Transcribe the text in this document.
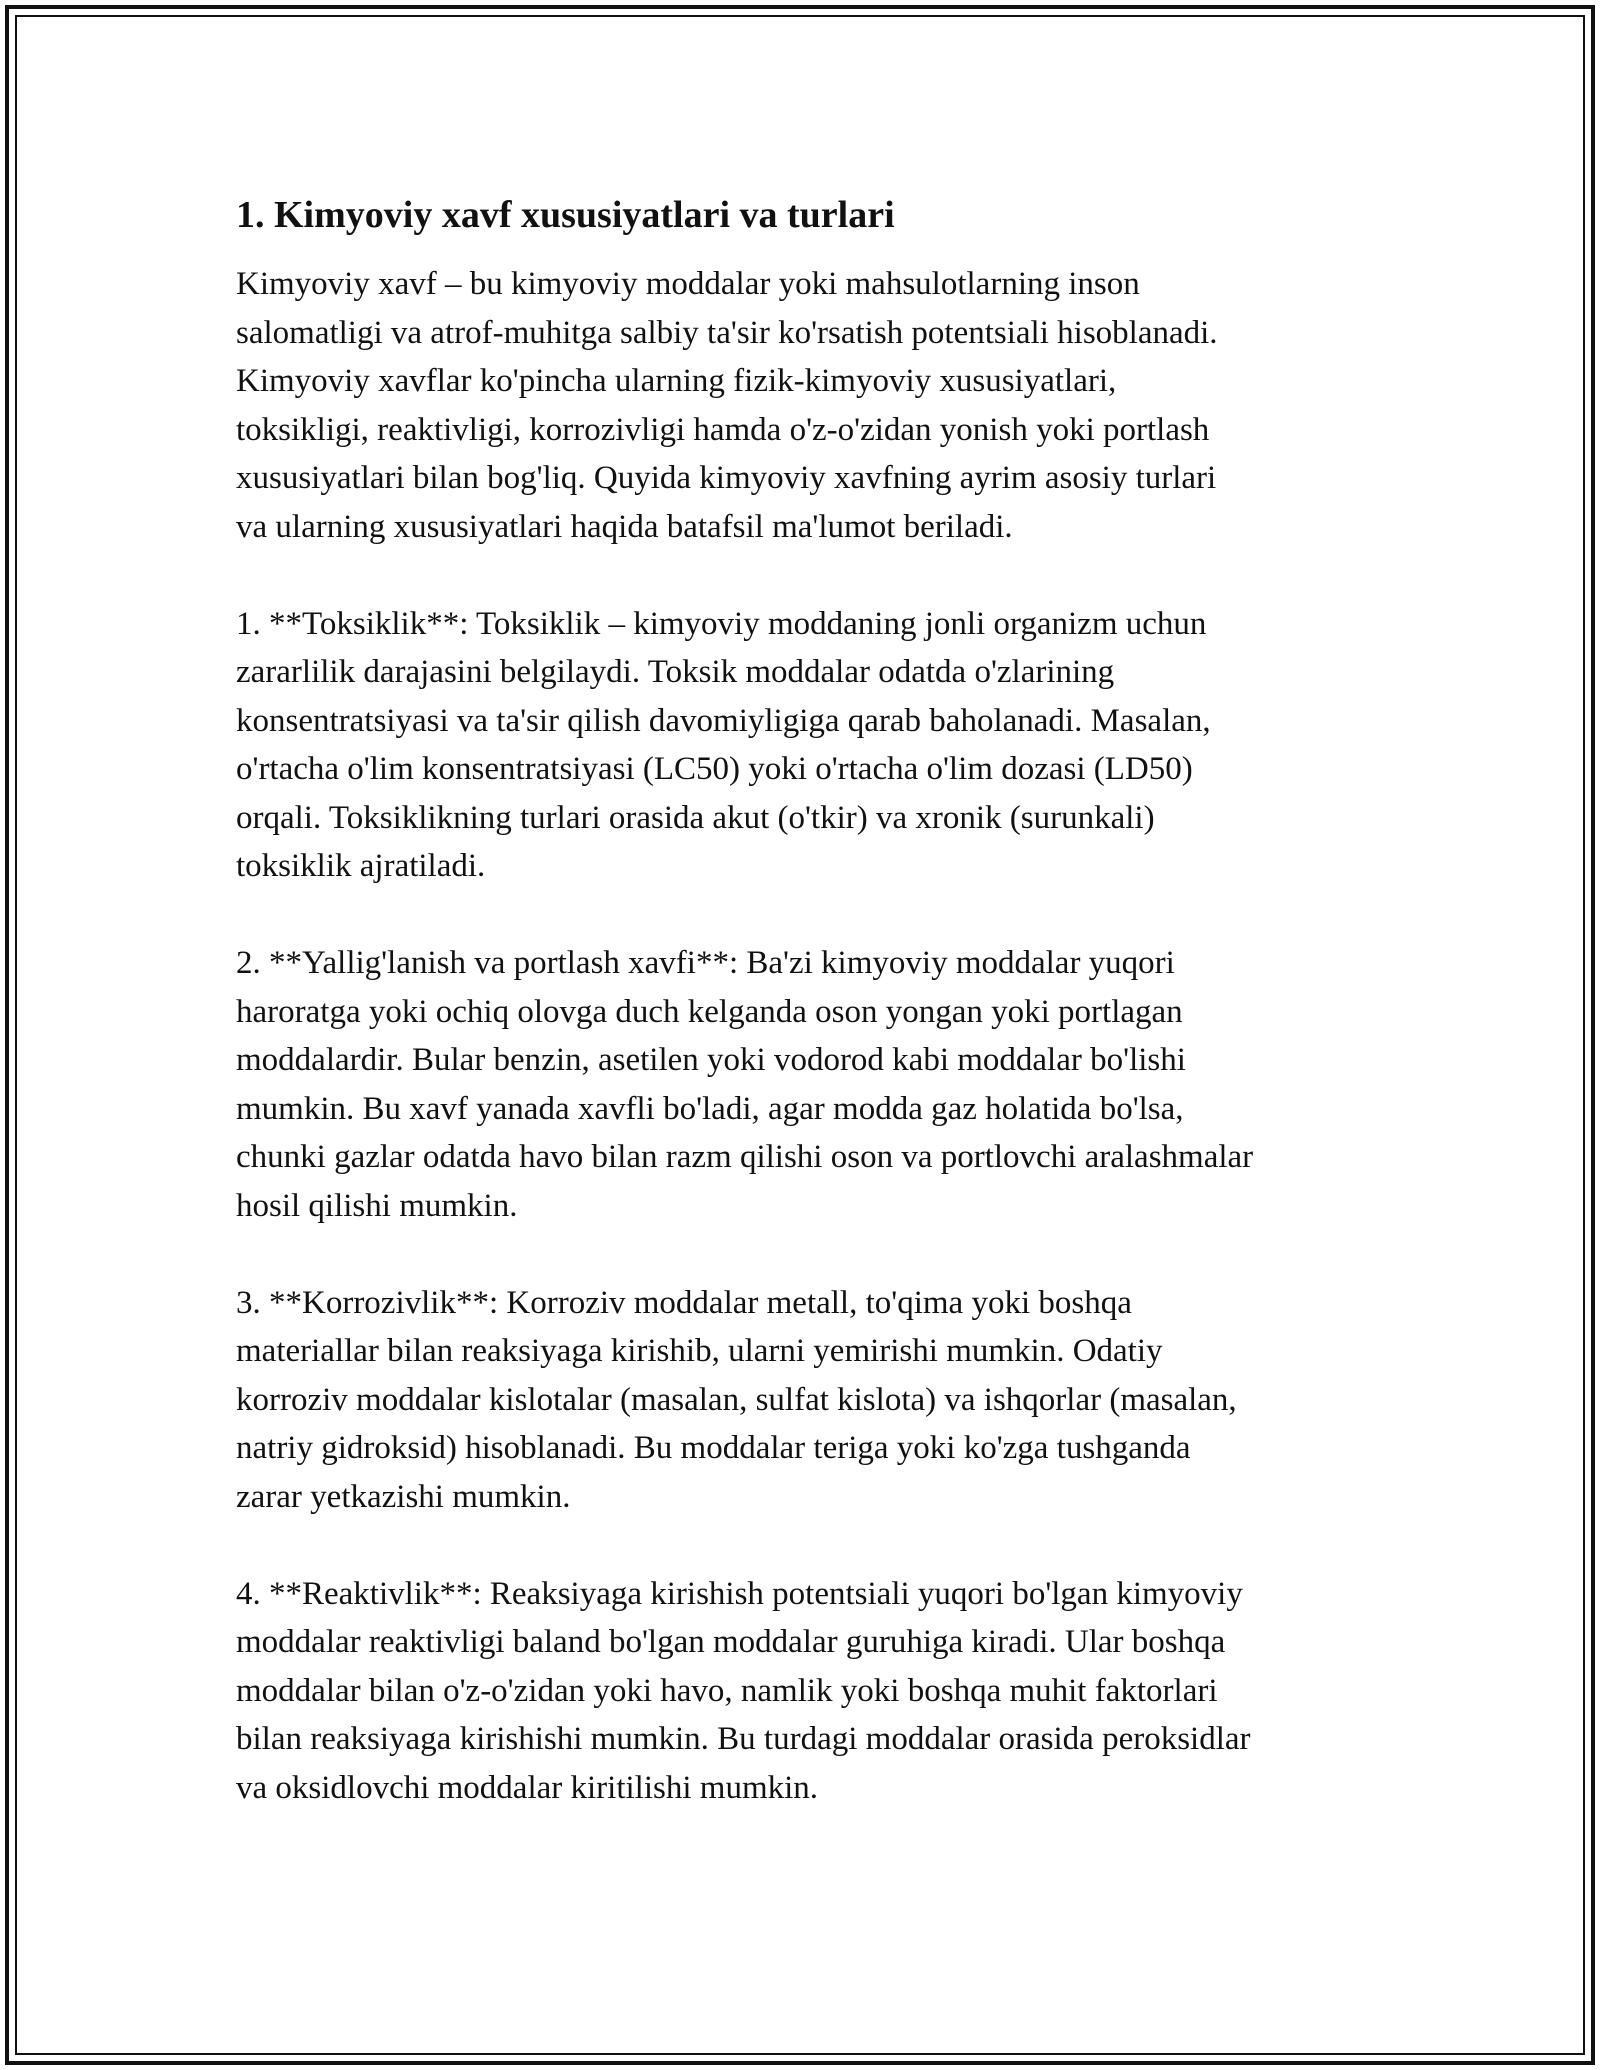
1. Kimyoviy xavf xususiyatlari va turlari

Kimyoviy xavf – bu kimyoviy moddalar yoki mahsulotlarning inson
salomatligi va atrof-muhitga salbiy ta'sir ko'rsatish potentsiali hisoblanadi.
Kimyoviy xavflar ko'pincha ularning fizik-kimyoviy xususiyatlari,
toksikligi, reaktivligi, korrozivligi hamda o'z-o'zidan yonish yoki portlash
xususiyatlari bilan bog'liq. Quyida kimyoviy xavfning ayrim asosiy turlari
va ularning xususiyatlari haqida batafsil ma'lumot beriladi.

1. **Toksiklik**: Toksiklik – kimyoviy moddaning jonli organizm uchun
zararlilik darajasini belgilaydi. Toksik moddalar odatda o'zlarining
konsentratsiyasi va ta'sir qilish davomiyligiga qarab baholanadi. Masalan,
o'rtacha o'lim konsentratsiyasi (LC50) yoki o'rtacha o'lim dozasi (LD50)
orqali. Toksiklikning turlari orasida akut (o'tkir) va xronik (surunkali)
toksiklik ajratiladi.

2. **Yallig'lanish va portlash xavfi**: Ba'zi kimyoviy moddalar yuqori
haroratga yoki ochiq olovga duch kelganda oson yongan yoki portlagan
moddalardir. Bular benzin, asetilen yoki vodorod kabi moddalar bo'lishi
mumkin. Bu xavf yanada xavfli bo'ladi, agar modda gaz holatida bo'lsa,
chunki gazlar odatda havo bilan razm qilishi oson va portlovchi aralashmalar
hosil qilishi mumkin.

3. **Korrozivlik**: Korroziv moddalar metall, to'qima yoki boshqa
materiallar bilan reaksiyaga kirishib, ularni yemirishi mumkin. Odatiy
korroziv moddalar kislotalar (masalan, sulfat kislota) va ishqorlar (masalan,
natriy gidroksid) hisoblanadi. Bu moddalar teriga yoki ko'zga tushganda
zarar yetkazishi mumkin.

4. **Reaktivlik**: Reaksiyaga kirishish potentsiali yuqori bo'lgan kimyoviy
moddalar reaktivligi baland bo'lgan moddalar guruhiga kiradi. Ular boshqa
moddalar bilan o'z-o'zidan yoki havo, namlik yoki boshqa muhit faktorlari
bilan reaksiyaga kirishishi mumkin. Bu turdagi moddalar orasida peroksidlar
va oksidlovchi moddalar kiritilishi mumkin.
